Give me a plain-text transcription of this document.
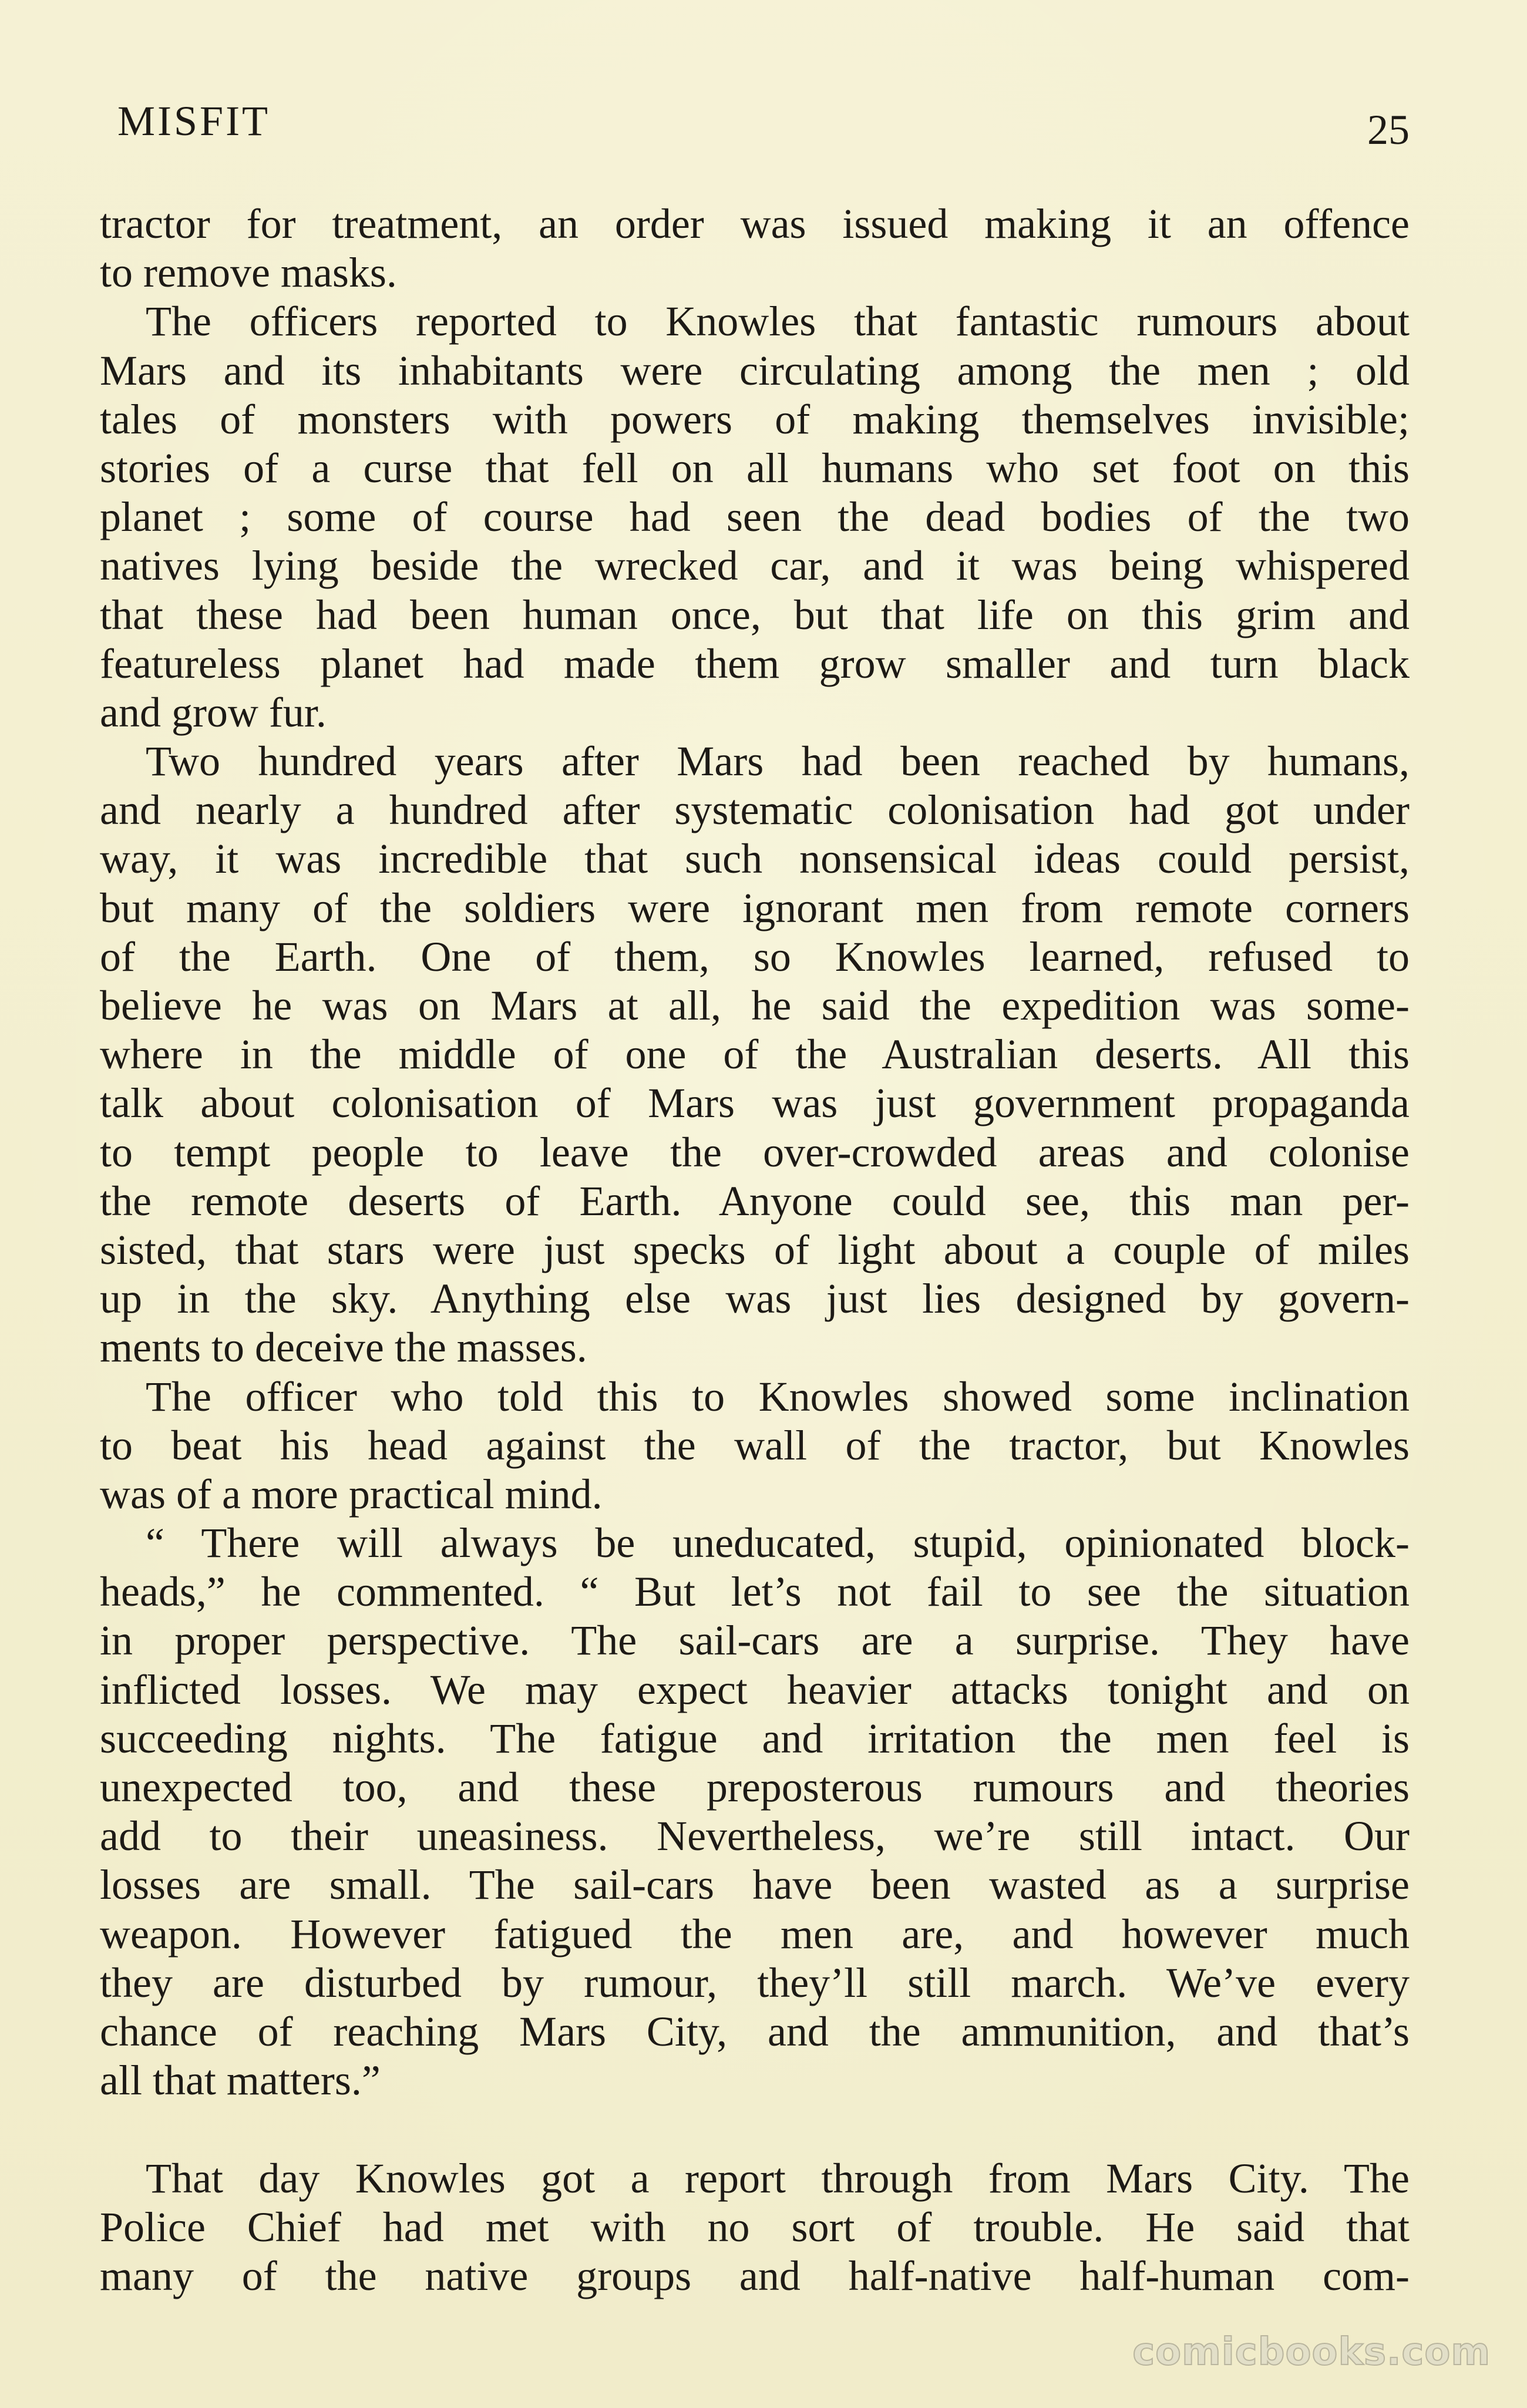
MISFIT	25
tractor for treatment, an order was issued making it an offence
to remove masks.
The officers reported to Knowles that fantastic rumours about
Mars and its inhabitants were circulating among the men ; old
tales of monsters with powers of making themselves invisible;
stories of a curse that fell on all humans who set foot on this
planet ; some of course had seen the dead bodies of the two
natives lying beside the wrecked car, and it was being whispered
that these had been human once, but that life on this grim and
featureless planet had made them grow smaller and turn black
and grow fur.
Two hundred years after Mars had been reached by humans,
and nearly a hundred after systematic colonisation had got under
way, it was incredible that such nonsensical ideas could persist,
but many of the soldiers were ignorant men from remote corners
of the Earth. One of them, so Knowles learned, refused to
believe he was on Mars at all, he said the expedition was some-
where in the middle of one of the Australian deserts. All this
talk about colonisation of Mars was just government propaganda
to tempt people to leave the over-crowded areas and colonise
the remote deserts of Earth. Anyone could see, this man per-
sisted, that stars were just specks of light about a couple of miles
up in the sky. Anything else was just lies designed by govern-
ments to deceive the masses.
The officer who told this to Knowles showed some inclination
to beat his head against the wall of the tractor, but Knowles
was of a more practical mind.
“ There will always be uneducated, stupid, opinionated block-
heads,” he commented. “ But let’s not fail to see the situation
in proper perspective. The sail-cars are a surprise. They have
inflicted losses. We may expect heavier attacks tonight and on
succeeding nights. The fatigue and irritation the men feel is
unexpected too, and these preposterous rumours and theories
add to their uneasiness. Nevertheless, we’re still intact. Our
losses are small. The sail-cars have been wasted as a surprise
weapon. However fatigued the men are, and however much
they are disturbed by rumour, they’ll still march. We’ve every
chance of reaching Mars City, and the ammunition, and that’s
all that matters.”
That day Knowles got a report through from Mars City. The
Police Chief had met with no sort of trouble. He said that
many of the native groups and half-native half-human com-
comicbooks.com
